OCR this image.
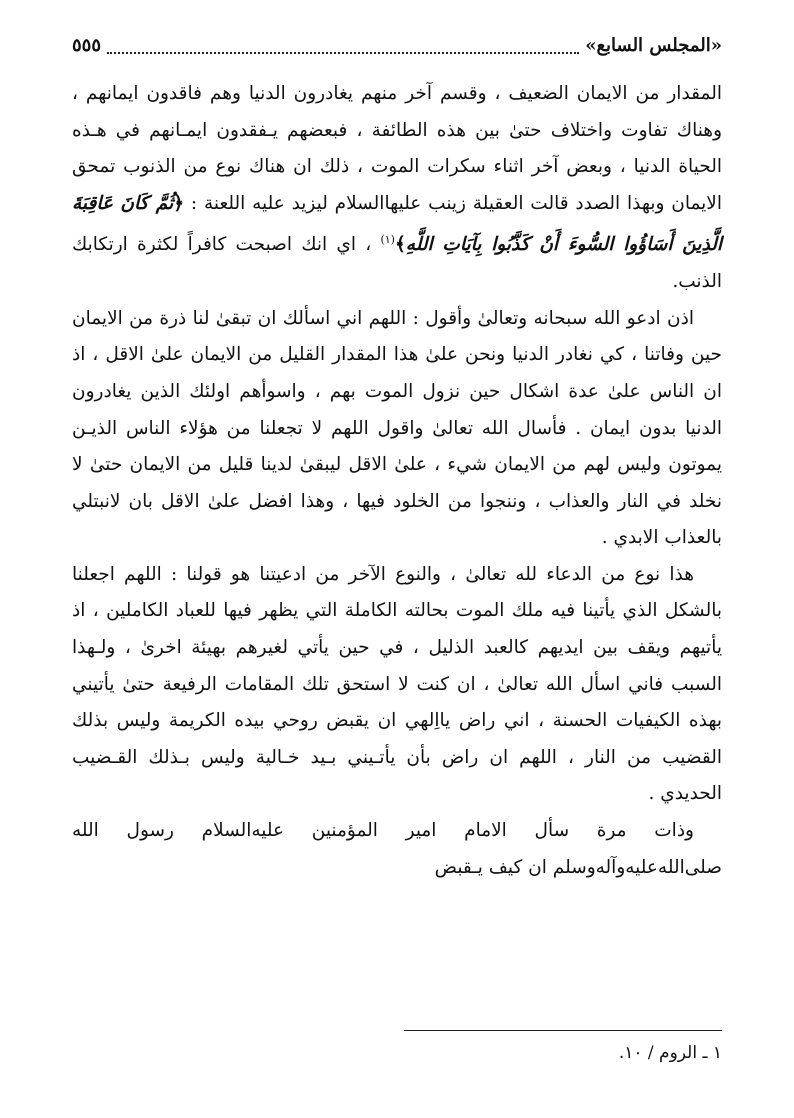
«المجلس السابع»
٥٥٥

المقدار من الايمان الضعيف ، وقسم آخر منهم يغادرون الدنيا وهم فاقدون ايمانهم ، وهناك تفاوت واختلاف حتىٰ بين هذه الطائفة ، فبعضهم يـفقدون ايمـانهم في هـذه الحياة الدنيا ، وبعض آخر اثناء سكرات الموت ، ذلك ان هناك نوع من الذنوب تمحق الايمان وبهذا الصدد قالت العقيلة زينب عليها‌السلام ليزيد عليه اللعنة : ﴿ثُمَّ كَانَ عَاقِبَةَ الَّذِينَ أَسَاؤُوا السُّوءَ أَنْ كَذَّبُوا بِآيَاتِ اللَّهِ﴾$^{(١)}$ ، اي انك اصبحت كافراً لكثرة ارتكابك الذنب.

اذن ادعو الله سبحانه وتعالىٰ وأقول : اللهم اني اسألك ان تبقىٰ لنا ذرة من الايمان حين وفاتنا ، كي نغادر الدنيا ونحن علىٰ هذا المقدار القليل من الايمان علىٰ الاقل ، اذ ان الناس علىٰ عدة اشكال حين نزول الموت بهم ، واسوأهم اولئك الذين يغادرون الدنيا بدون ايمان . فأسال الله تعالىٰ واقول اللهم لا تجعلنا من هؤلاء الناس الذيـن يموتون وليس لهم من الايمان شيء ، علىٰ الاقل ليبقىٰ لدينا قليل من الايمان حتىٰ لا نخلد في النار والعذاب ، وننجوا من الخلود فيها ، وهذا افضل علىٰ الاقل بان لانبتلي بالعذاب الابدي .

هذا نوع من الدعاء لله تعالىٰ ، والنوع الآخر من ادعيتنا هو قولنا : اللهم اجعلنا بالشكل الذي يأتينا فيه ملك الموت بحالته الكاملة التي يظهر فيها للعباد الكاملين ، اذ يأتيهم ويقف بين ايديهم كالعبد الذليل ، في حين يأتي لغيرهم بهيئة اخرىٰ ، ولـهذا السبب فاني اسأل الله تعالىٰ ، ان كنت لا استحق تلك المقامات الرفيعة حتىٰ يأتيني بهذه الكيفيات الحسنة ، اني راض يااِلهي ان يقبض روحي بيده الكريمة وليس بذلك القضيب من النار ، اللهم ان راض بأن يأتـيني بـيد خـالية وليس بـذلك القـضيب الحديدي .

وذات مرة سأل الامام امير المؤمنين عليه‌السلام رسول الله صلى‌الله‌عليه‌وآله‌وسلم ان كيف يـقبض

١ ـ الروم / ١٠.
